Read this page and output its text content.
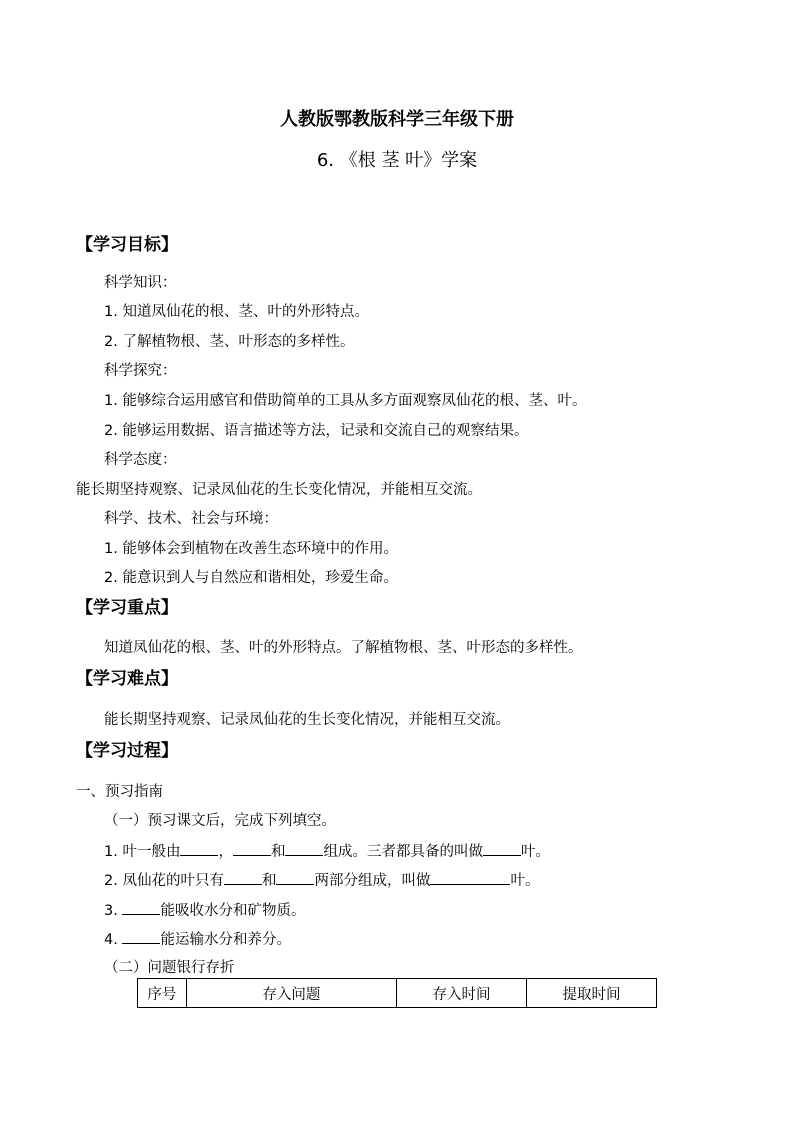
人教版鄂教版科学三年级下册
6. 《根 茎 叶》学案
【学习目标】
科学知识：
1. 知道凤仙花的根、茎、叶的外形特点。
2. 了解植物根、茎、叶形态的多样性。
科学探究：
1. 能够综合运用感官和借助简单的工具从多方面观察凤仙花的根、茎、叶。
2. 能够运用数据、语言描述等方法，记录和交流自己的观察结果。
科学态度：
能长期坚持观察、记录凤仙花的生长变化情况，并能相互交流。
科学、技术、社会与环境：
1. 能够体会到植物在改善生态环境中的作用。
2. 能意识到人与自然应和谐相处，珍爱生命。
【学习重点】
知道凤仙花的根、茎、叶的外形特点。了解植物根、茎、叶形态的多样性。
【学习难点】
能长期坚持观察、记录凤仙花的生长变化情况，并能相互交流。
【学习过程】
一、预习指南
（一）预习课文后，完成下列填空。
1. 叶一般由	，	和	组成。三者都具备的叫做	叶。
2. 凤仙花的叶只有	和	两部分组成，叫做	叶。
3.	能吸收水分和矿物质。
4.	能运输水分和养分。
（二）问题银行存折
序号	存入问题	存入时间	提取时间
